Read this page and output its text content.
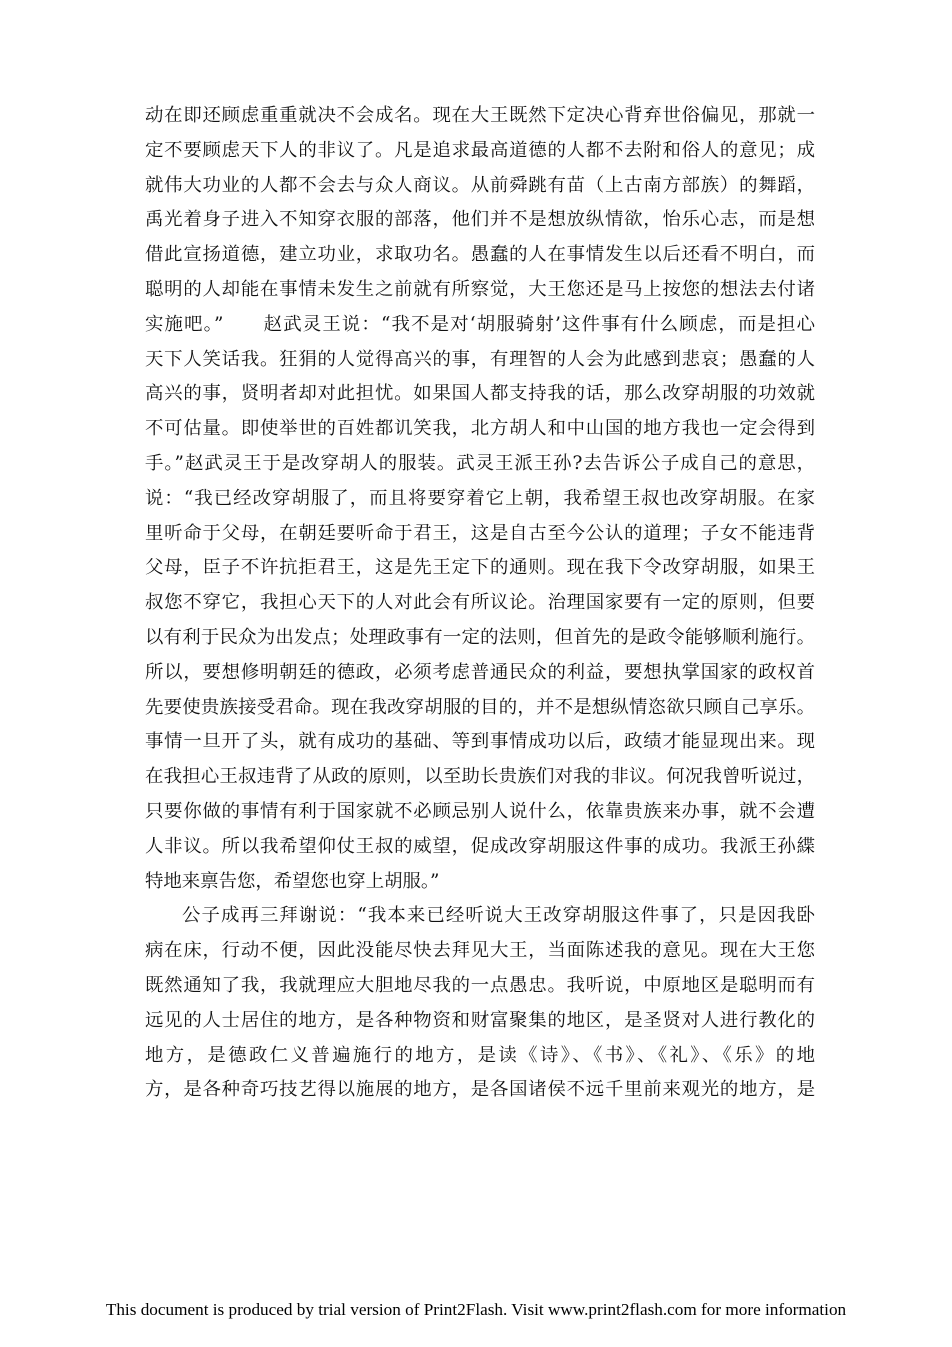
动在即还顾虑重重就决不会成名。现在大王既然下定决心背弃世俗偏见，那就一
定不要顾虑天下人的非议了。凡是追求最高道德的人都不去附和俗人的意见；成
就伟大功业的人都不会去与众人商议。从前舜跳有苗（上古南方部族）的舞蹈，
禹光着身子进入不知穿衣服的部落，他们并不是想放纵情欲，怡乐心志，而是想
借此宣扬道德，建立功业，求取功名。愚蠢的人在事情发生以后还看不明白，而
聪明的人却能在事情未发生之前就有所察觉，大王您还是马上按您的想法去付诸
实施吧。”　　赵武灵王说：“我不是对‘胡服骑射’这件事有什么顾虑，而是担心
天下人笑话我。狂狷的人觉得高兴的事，有理智的人会为此感到悲哀；愚蠢的人
高兴的事，贤明者却对此担忧。如果国人都支持我的话，那么改穿胡服的功效就
不可估量。即使举世的百姓都讥笑我，北方胡人和中山国的地方我也一定会得到
手。”赵武灵王于是改穿胡人的服装。武灵王派王孙?去告诉公子成自己的意思，
说：“我已经改穿胡服了，而且将要穿着它上朝，我希望王叔也改穿胡服。在家
里听命于父母，在朝廷要听命于君王，这是自古至今公认的道理；子女不能违背
父母，臣子不许抗拒君王，这是先王定下的通则。现在我下令改穿胡服，如果王
叔您不穿它，我担心天下的人对此会有所议论。治理国家要有一定的原则，但要
以有利于民众为出发点；处理政事有一定的法则，但首先的是政令能够顺利施行。
所以，要想修明朝廷的德政，必须考虑普通民众的利益，要想执掌国家的政权首
先要使贵族接受君命。现在我改穿胡服的目的，并不是想纵情恣欲只顾自己享乐。
事情一旦开了头，就有成功的基础、等到事情成功以后，政绩才能显现出来。现
在我担心王叔违背了从政的原则，以至助长贵族们对我的非议。何况我曾听说过，
只要你做的事情有利于国家就不必顾忌别人说什么，依靠贵族来办事，就不会遭
人非议。所以我希望仰仗王叔的威望，促成改穿胡服这件事的成功。我派王孙緤
特地来禀告您，希望您也穿上胡服。”
公子成再三拜谢说：“我本来已经听说大王改穿胡服这件事了，只是因我卧
病在床，行动不便，因此没能尽快去拜见大王，当面陈述我的意见。现在大王您
既然通知了我，我就理应大胆地尽我的一点愚忠。我听说，中原地区是聪明而有
远见的人士居住的地方，是各种物资和财富聚集的地区，是圣贤对人进行教化的
地方，是德政仁义普遍施行的地方，是读《诗》、《书》、《礼》、《乐》的地
方，是各种奇巧技艺得以施展的地方，是各国诸侯不远千里前来观光的地方，是
This document is produced by trial version of Print2Flash. Visit www.print2flash.com for more information
